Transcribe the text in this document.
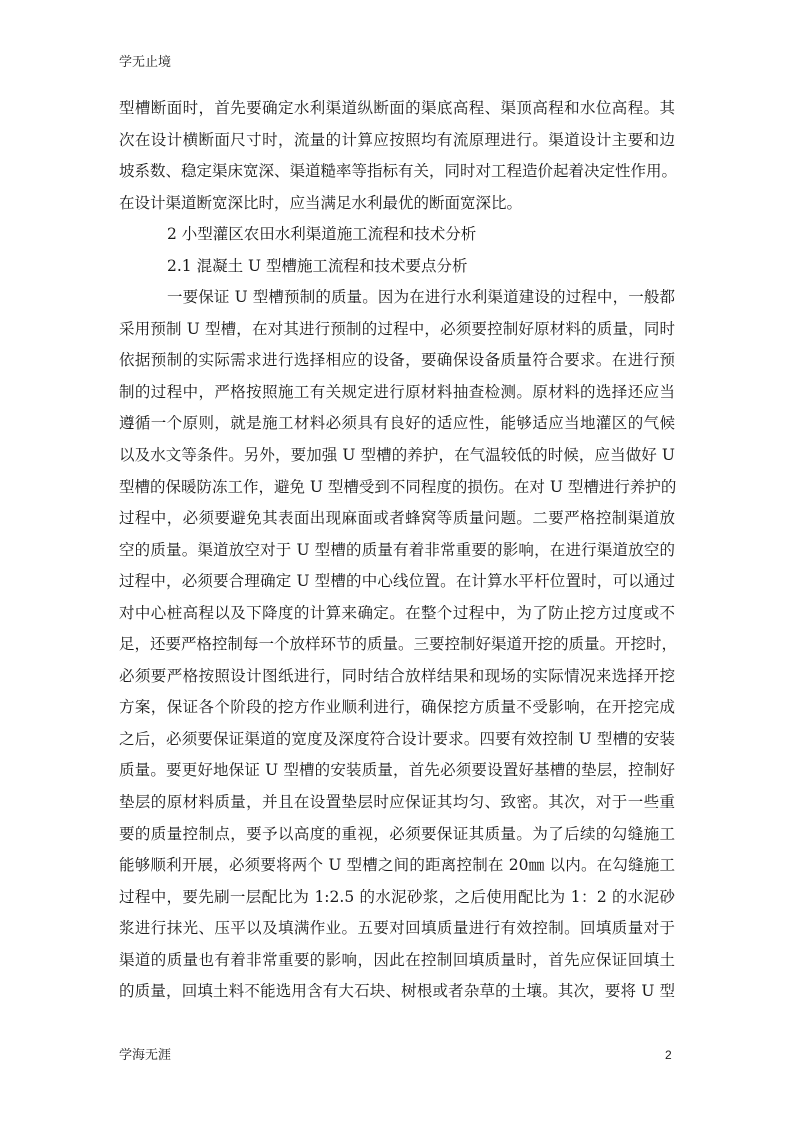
学无止境
型槽断面时，首先要确定水利渠道纵断面的渠底高程、渠顶高程和水位高程。其
次在设计横断面尺寸时，流量的计算应按照均有流原理进行。渠道设计主要和边
坡系数、稳定渠床宽深、渠道糙率等指标有关，同时对工程造价起着决定性作用。
在设计渠道断宽深比时，应当满足水利最优的断面宽深比。
2 小型灌区农田水利渠道施工流程和技术分析
2.1 混凝土 U 型槽施工流程和技术要点分析
一要保证 U 型槽预制的质量。因为在进行水利渠道建设的过程中，一般都
采用预制 U 型槽，在对其进行预制的过程中，必须要控制好原材料的质量，同时
依据预制的实际需求进行选择相应的设备，要确保设备质量符合要求。在进行预
制的过程中，严格按照施工有关规定进行原材料抽查检测。原材料的选择还应当
遵循一个原则，就是施工材料必须具有良好的适应性，能够适应当地灌区的气候
以及水文等条件。另外，要加强 U 型槽的养护，在气温较低的时候，应当做好 U
型槽的保暖防冻工作，避免 U 型槽受到不同程度的损伤。在对 U 型槽进行养护的
过程中，必须要避免其表面出现麻面或者蜂窝等质量问题。二要严格控制渠道放
空的质量。渠道放空对于 U 型槽的质量有着非常重要的影响，在进行渠道放空的
过程中，必须要合理确定 U 型槽的中心线位置。在计算水平杆位置时，可以通过
对中心桩高程以及下降度的计算来确定。在整个过程中，为了防止挖方过度或不
足，还要严格控制每一个放样环节的质量。三要控制好渠道开挖的质量。开挖时，
必须要严格按照设计图纸进行，同时结合放样结果和现场的实际情况来选择开挖
方案，保证各个阶段的挖方作业顺利进行，确保挖方质量不受影响，在开挖完成
之后，必须要保证渠道的宽度及深度符合设计要求。四要有效控制 U 型槽的安装
质量。要更好地保证 U 型槽的安装质量，首先必须要设置好基槽的垫层，控制好
垫层的原材料质量，并且在设置垫层时应保证其均匀、致密。其次，对于一些重
要的质量控制点，要予以高度的重视，必须要保证其质量。为了后续的勾缝施工
能够顺利开展，必须要将两个 U 型槽之间的距离控制在 20㎜ 以内。在勾缝施工
过程中，要先刷一层配比为 1:2.5 的水泥砂浆，之后使用配比为 1：2 的水泥砂
浆进行抹光、压平以及填满作业。五要对回填质量进行有效控制。回填质量对于
渠道的质量也有着非常重要的影响，因此在控制回填质量时，首先应保证回填土
的质量，回填土料不能选用含有大石块、树根或者杂草的土壤。其次，要将 U 型
学海无涯	2
